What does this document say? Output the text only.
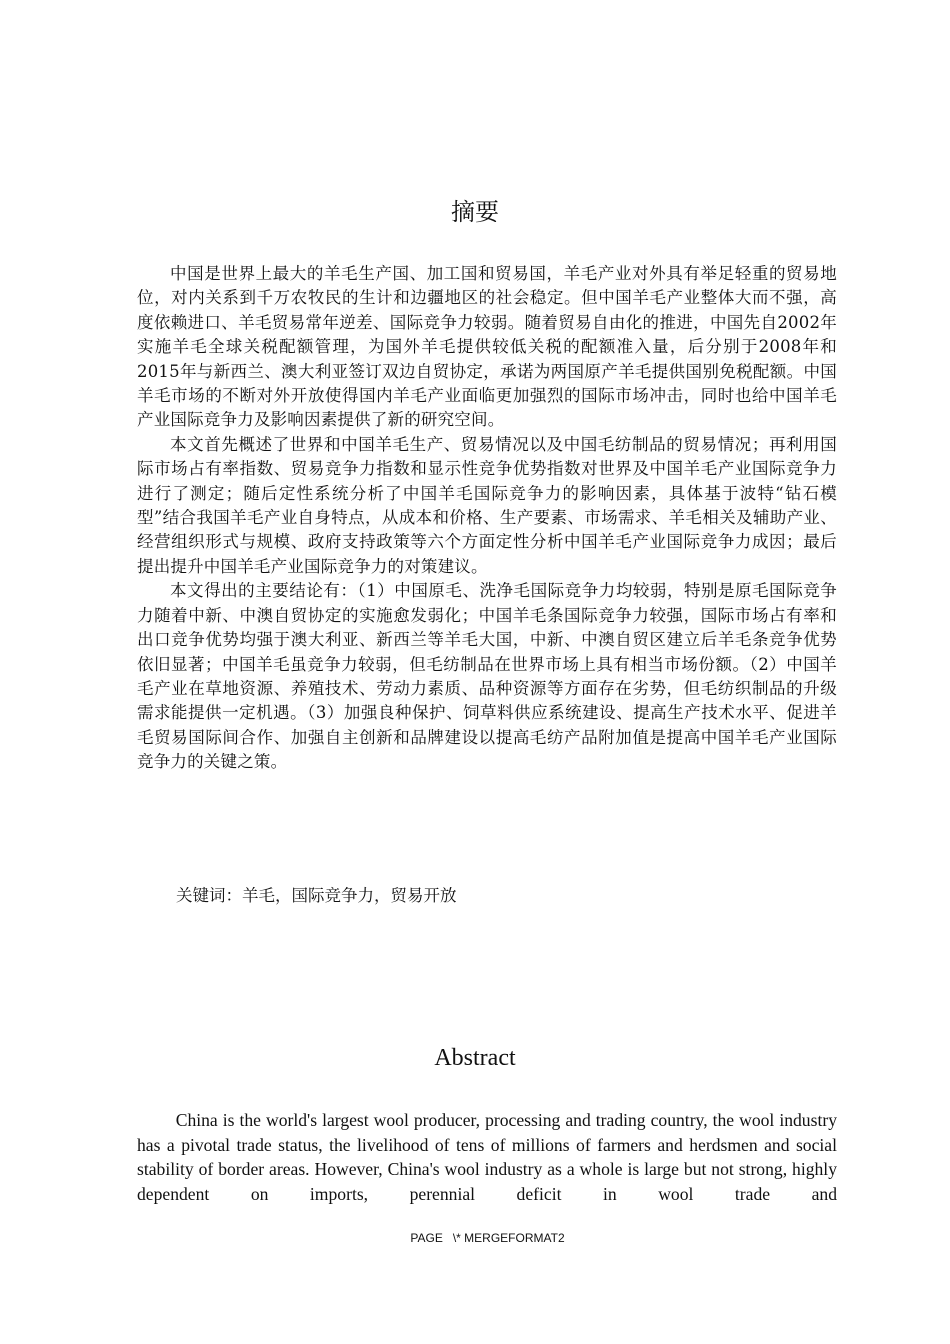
摘要

中国是世界上最大的羊毛生产国、加工国和贸易国，羊毛产业对外具有举足轻重的贸易地位，对内关系到千万农牧民的生计和边疆地区的社会稳定。但中国羊毛产业整体大而不强，高度依赖进口、羊毛贸易常年逆差、国际竞争力较弱。随着贸易自由化的推进，中国先自2002年实施羊毛全球关税配额管理，为国外羊毛提供较低关税的配额准入量，后分别于2008年和2015年与新西兰、澳大利亚签订双边自贸协定，承诺为两国原产羊毛提供国别免税配额。中国羊毛市场的不断对外开放使得国内羊毛产业面临更加强烈的国际市场冲击，同时也给中国羊毛产业国际竞争力及影响因素提供了新的研究空间。

本文首先概述了世界和中国羊毛生产、贸易情况以及中国毛纺制品的贸易情况；再利用国际市场占有率指数、贸易竞争力指数和显示性竞争优势指数对世界及中国羊毛产业国际竞争力进行了测定；随后定性系统分析了中国羊毛国际竞争力的影响因素，具体基于波特“钻石模型”结合我国羊毛产业自身特点，从成本和价格、生产要素、市场需求、羊毛相关及辅助产业、经营组织形式与规模、政府支持政策等六个方面定性分析中国羊毛产业国际竞争力成因；最后提出提升中国羊毛产业国际竞争力的对策建议。

本文得出的主要结论有：（1）中国原毛、洗净毛国际竞争力均较弱，特别是原毛国际竞争力随着中新、中澳自贸协定的实施愈发弱化；中国羊毛条国际竞争力较强，国际市场占有率和出口竞争优势均强于澳大利亚、新西兰等羊毛大国，中新、中澳自贸区建立后羊毛条竞争优势依旧显著；中国羊毛虽竞争力较弱，但毛纺制品在世界市场上具有相当市场份额。（2）中国羊毛产业在草地资源、养殖技术、劳动力素质、品种资源等方面存在劣势，但毛纺织制品的升级需求能提供一定机遇。（3）加强良种保护、饲草料供应系统建设、提高生产技术水平、促进羊毛贸易国际间合作、加强自主创新和品牌建设以提高毛纺产品附加值是提高中国羊毛产业国际竞争力的关键之策。

关键词：羊毛，国际竞争力，贸易开放
Abstract

China is the world's largest wool producer, processing and trading country, the wool industry has a pivotal trade status, the livelihood of tens of millions of farmers and herdsmen and social stability of border areas. However, China's wool industry as a whole is large but not strong, highly dependent on imports, perennial deficit in wool trade and

PAGE   \* MERGEFORMAT2
